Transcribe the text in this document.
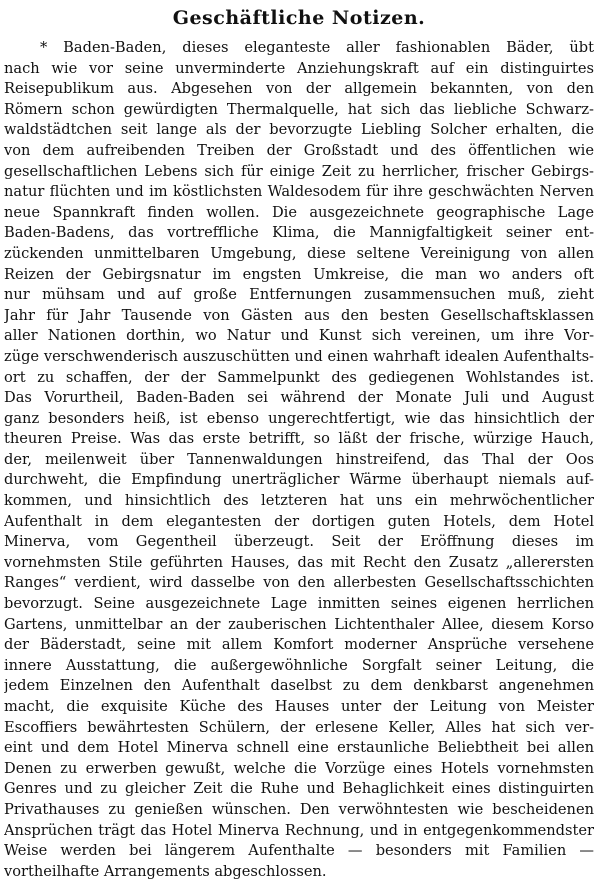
Geschäftliche Notizen.
* Baden-Baden, dieses eleganteste aller fashionablen Bäder, übt
nach wie vor seine unverminderte Anziehungskraft auf ein distinguirtes
Reisepublikum aus. Abgesehen von der allgemein bekannten, von den
Römern schon gewürdigten Thermalquelle, hat sich das liebliche Schwarz-
waldstädtchen seit lange als der bevorzugte Liebling Solcher erhalten, die
von dem aufreibenden Treiben der Großstadt und des öffentlichen wie
gesellschaftlichen Lebens sich für einige Zeit zu herrlicher, frischer Gebirgs-
natur flüchten und im köstlichsten Waldesodem für ihre geschwächten Nerven
neue Spannkraft finden wollen. Die ausgezeichnete geographische Lage
Baden-Badens, das vortreffliche Klima, die Mannigfaltigkeit seiner ent-
zückenden unmittelbaren Umgebung, diese seltene Vereinigung von allen
Reizen der Gebirgsnatur im engsten Umkreise, die man wo anders oft
nur mühsam und auf große Entfernungen zusammensuchen muß, zieht
Jahr für Jahr Tausende von Gästen aus den besten Gesellschaftsklassen
aller Nationen dorthin, wo Natur und Kunst sich vereinen, um ihre Vor-
züge verschwenderisch auszuschütten und einen wahrhaft idealen Aufenthalts-
ort zu schaffen, der der Sammelpunkt des gediegenen Wohlstandes ist.
Das Vorurtheil, Baden-Baden sei während der Monate Juli und August
ganz besonders heiß, ist ebenso ungerechtfertigt, wie das hinsichtlich der
theuren Preise. Was das erste betrifft, so läßt der frische, würzige Hauch,
der, meilenweit über Tannenwaldungen hinstreifend, das Thal der Oos
durchweht, die Empfindung unerträglicher Wärme überhaupt niemals auf-
kommen, und hinsichtlich des letzteren hat uns ein mehrwöchentlicher
Aufenthalt in dem elegantesten der dortigen guten Hotels, dem Hotel
Minerva, vom Gegentheil überzeugt. Seit der Eröffnung dieses im
vornehmsten Stile geführten Hauses, das mit Recht den Zusatz „allerersten
Ranges“ verdient, wird dasselbe von den allerbesten Gesellschaftsschichten
bevorzugt. Seine ausgezeichnete Lage inmitten seines eigenen herrlichen
Gartens, unmittelbar an der zauberischen Lichtenthaler Allee, diesem Korso
der Bäderstadt, seine mit allem Komfort moderner Ansprüche versehene
innere Ausstattung, die außergewöhnliche Sorgfalt seiner Leitung, die
jedem Einzelnen den Aufenthalt daselbst zu dem denkbarst angenehmen
macht, die exquisite Küche des Hauses unter der Leitung von Meister
Escoffiers bewährtesten Schülern, der erlesene Keller, Alles hat sich ver-
eint und dem Hotel Minerva schnell eine erstaunliche Beliebtheit bei allen
Denen zu erwerben gewußt, welche die Vorzüge eines Hotels vornehmsten
Genres und zu gleicher Zeit die Ruhe und Behaglichkeit eines distinguirten
Privathauses zu genießen wünschen. Den verwöhntesten wie bescheidenen
Ansprüchen trägt das Hotel Minerva Rechnung, und in entgegenkommendster
Weise werden bei längerem Aufenthalte — besonders mit Familien —
vortheilhafte Arrangements abgeschlossen.
